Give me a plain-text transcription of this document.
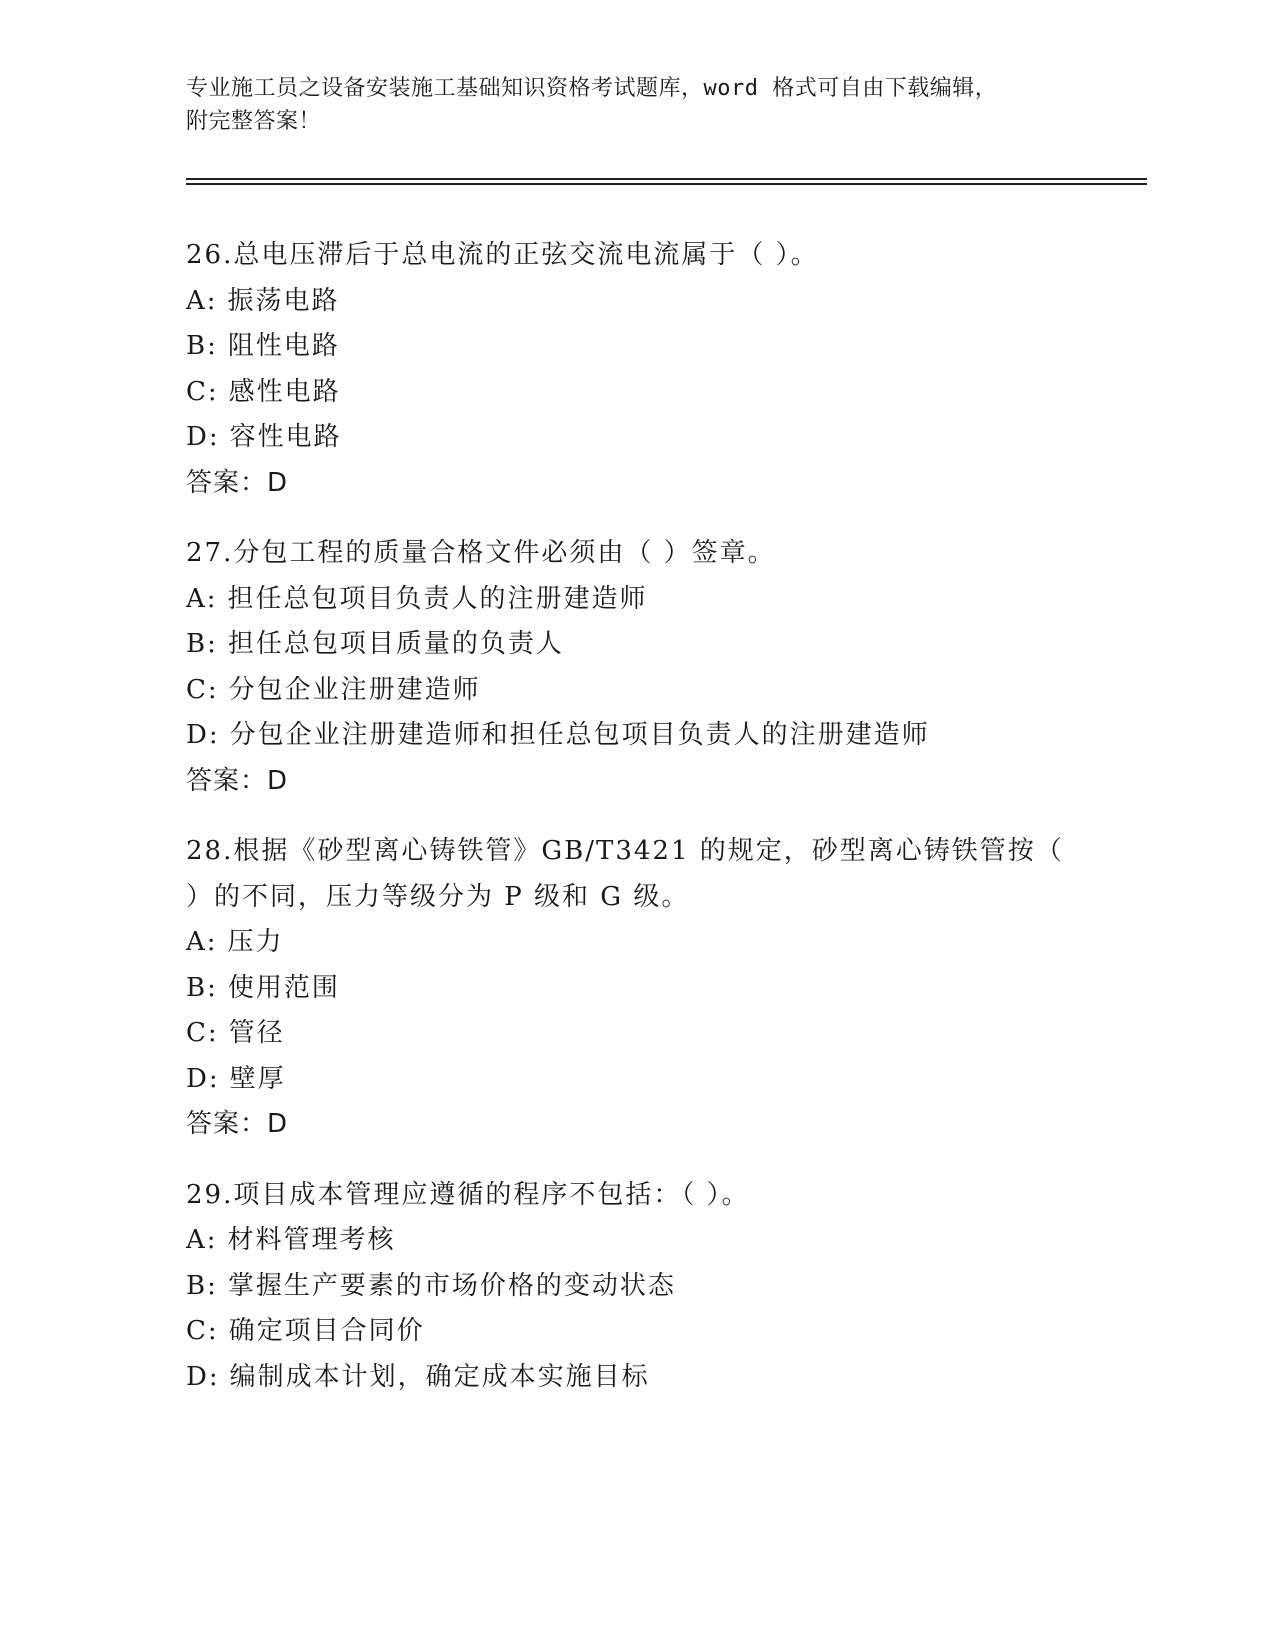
专业施工员之设备安装施工基础知识资格考试题库，word 格式可自由下载编辑，
附完整答案！
26.总电压滞后于总电流的正弦交流电流属于（ ）。
A: 振荡电路
B: 阻性电路
C: 感性电路
D: 容性电路
答案：D
27.分包工程的质量合格文件必须由（ ）签章。
A: 担任总包项目负责人的注册建造师
B: 担任总包项目质量的负责人
C: 分包企业注册建造师
D: 分包企业注册建造师和担任总包项目负责人的注册建造师
答案：D
28.根据《砂型离心铸铁管》GB/T3421 的规定，砂型离心铸铁管按（
）的不同，压力等级分为 P 级和 G 级。
A: 压力
B: 使用范围
C: 管径
D: 壁厚
答案：D
29.项目成本管理应遵循的程序不包括：（ ）。
A: 材料管理考核
B: 掌握生产要素的市场价格的变动状态
C: 确定项目合同价
D: 编制成本计划，确定成本实施目标
